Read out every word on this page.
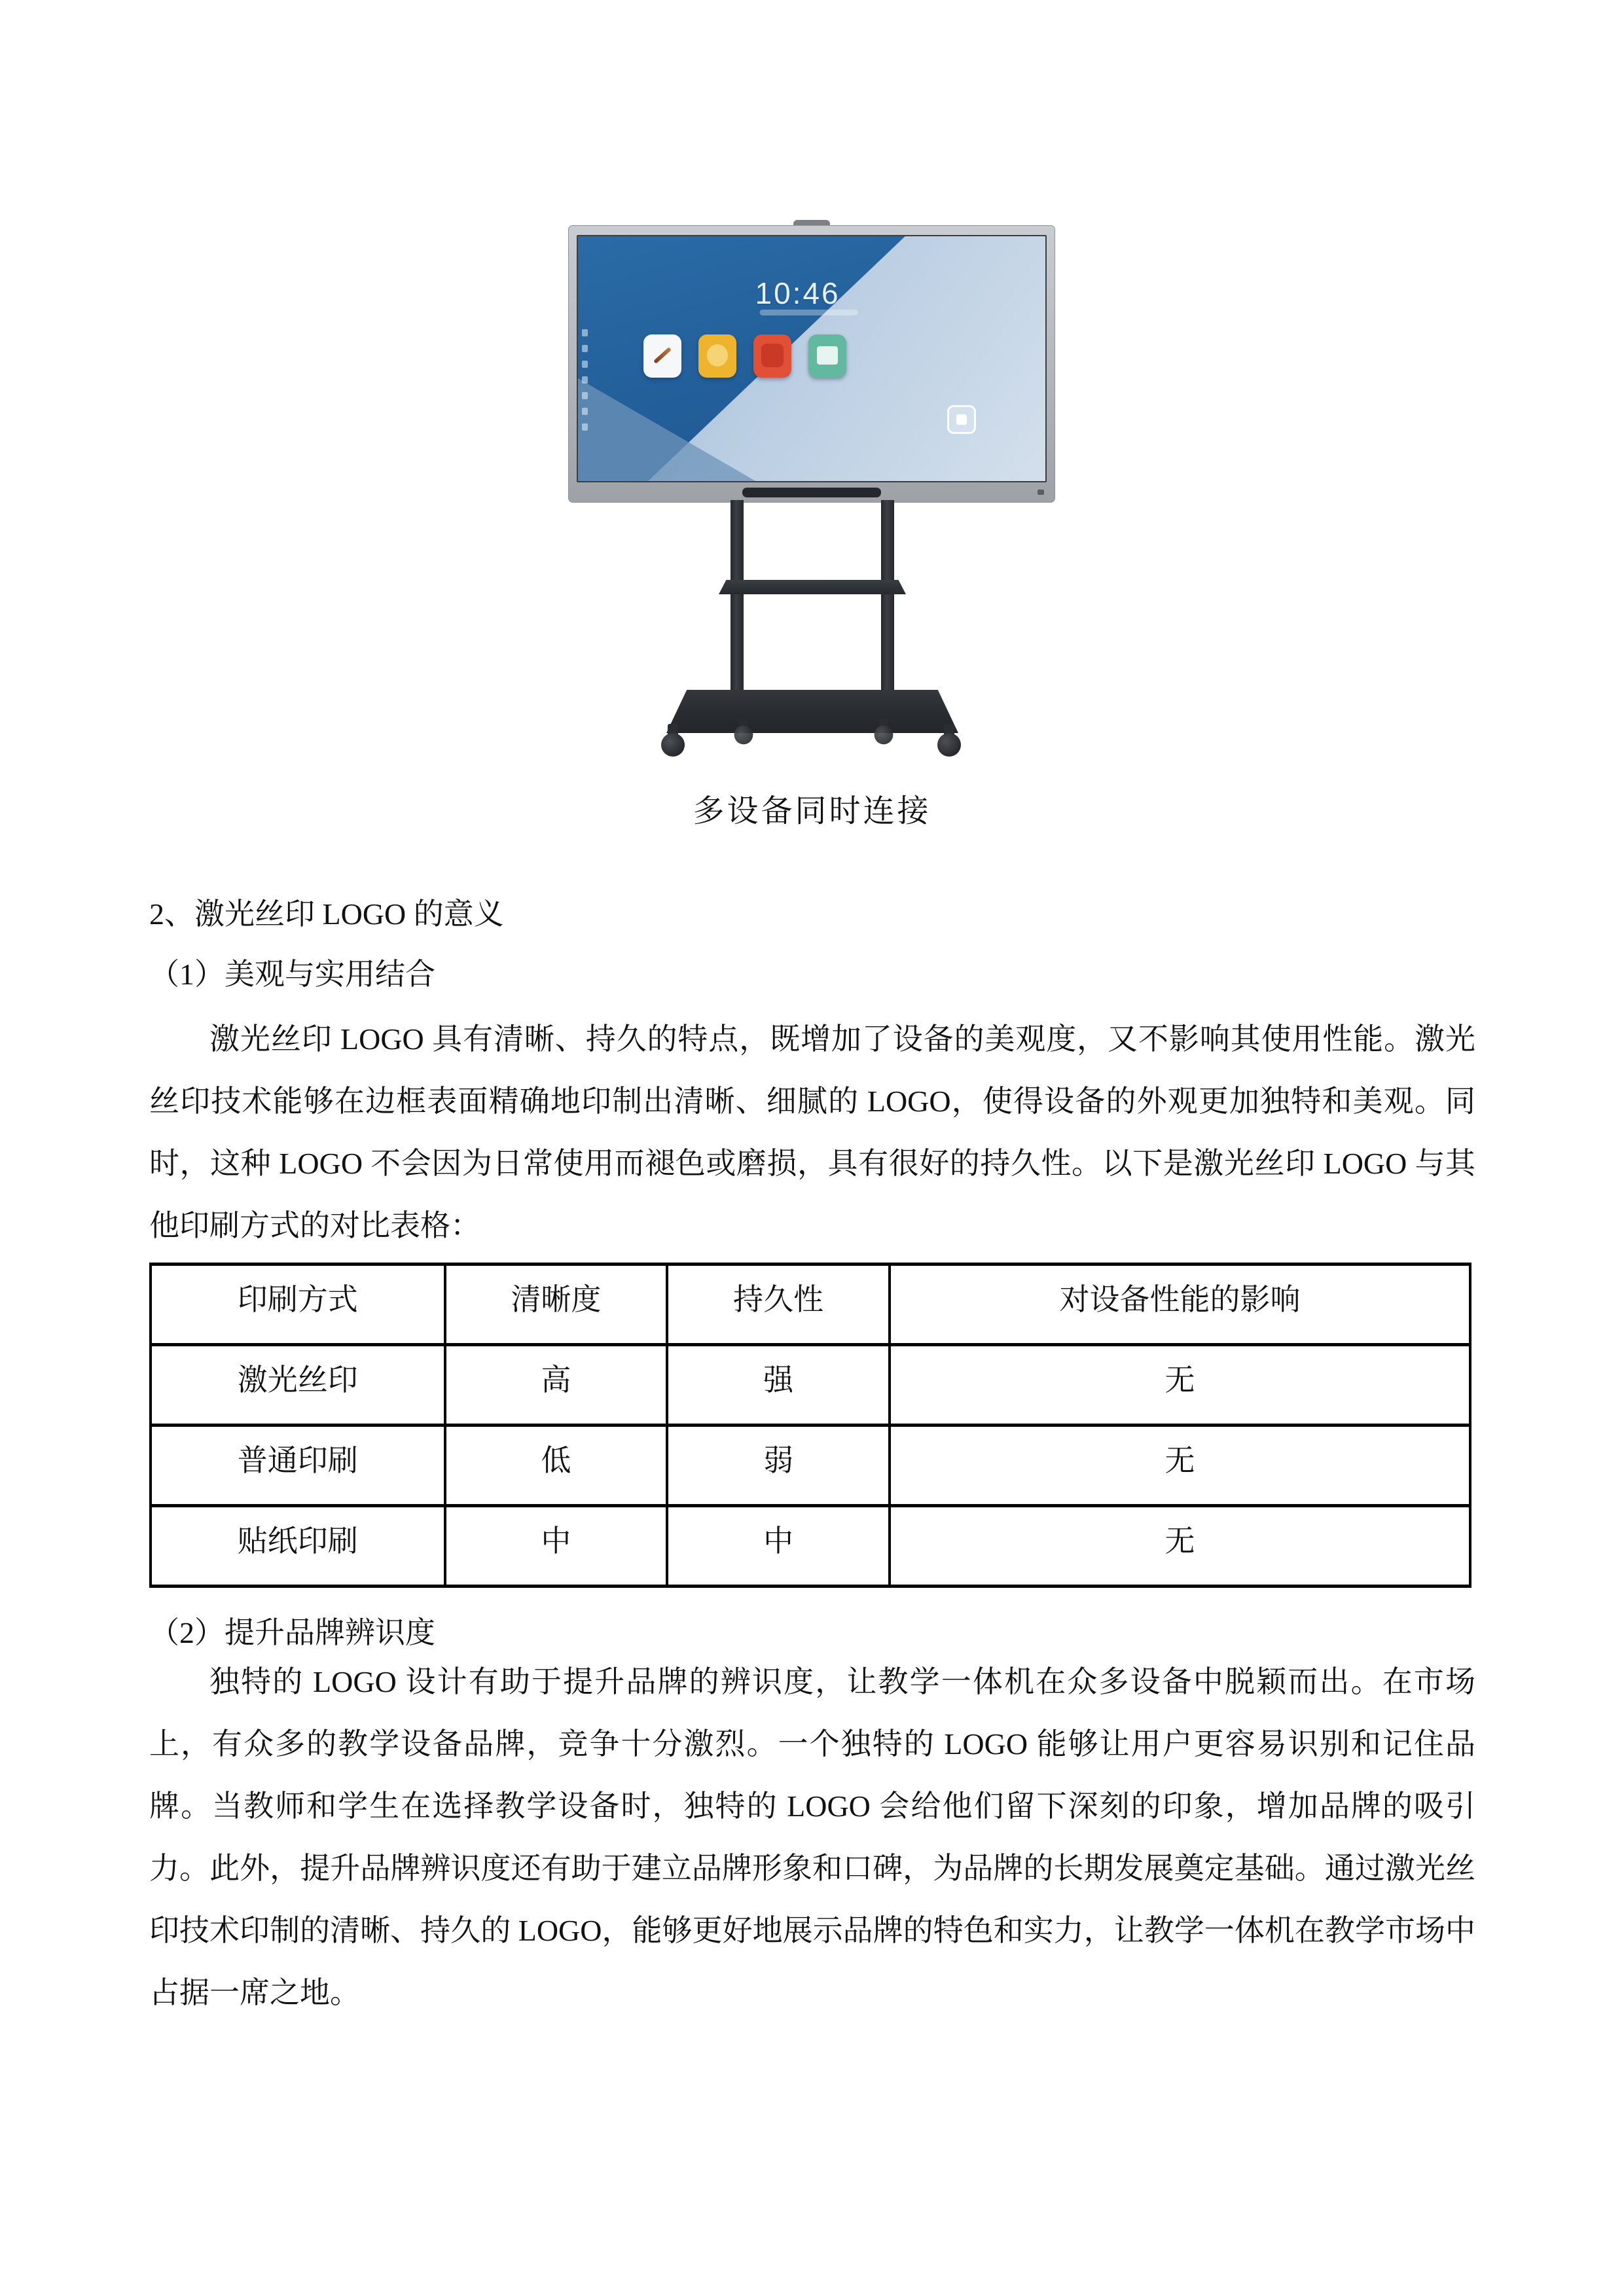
10:46
多设备同时连接
2、激光丝印 LOGO 的意义
（1）美观与实用结合
激光丝印 LOGO 具有清晰、持久的特点，既增加了设备的美观度，又不影响其使用性能。激光丝印技术能够在边框表面精确地印制出清晰、细腻的 LOGO，使得设备的外观更加独特和美观。同时，这种 LOGO 不会因为日常使用而褪色或磨损，具有很好的持久性。以下是激光丝印 LOGO 与其他印刷方式的对比表格：
印刷方式	清晰度	持久性	对设备性能的影响
激光丝印	高	强	无
普通印刷	低	弱	无
贴纸印刷	中	中	无
（2）提升品牌辨识度
独特的 LOGO 设计有助于提升品牌的辨识度，让教学一体机在众多设备中脱颖而出。在市场上，有众多的教学设备品牌，竞争十分激烈。一个独特的 LOGO 能够让用户更容易识别和记住品牌。当教师和学生在选择教学设备时，独特的 LOGO 会给他们留下深刻的印象，增加品牌的吸引力。此外，提升品牌辨识度还有助于建立品牌形象和口碑，为品牌的长期发展奠定基础。通过激光丝印技术印制的清晰、持久的 LOGO，能够更好地展示品牌的特色和实力，让教学一体机在教学市场中占据一席之地。
